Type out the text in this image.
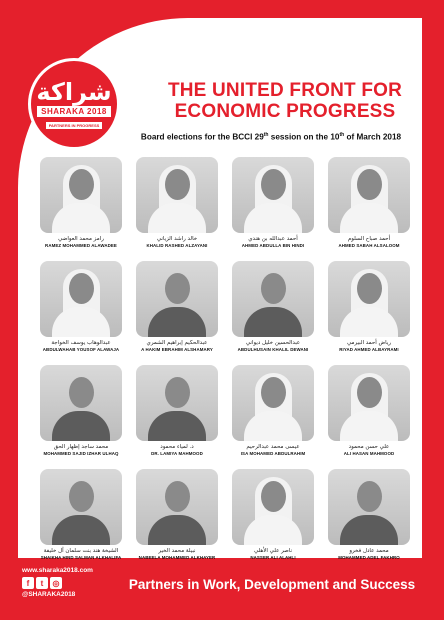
شراكة
SHARAKA 2018
PARTNERS IN PROGRESS
THE UNITED FRONT FOR
ECONOMIC PROGRESS
Board elections for the BCCI 29th session on the 10th of March 2018
رامز محمد العواضي
RAMEZ MOHAMMED ALAWADEE
خالد راشد الزياني
KHALID RASHED ALZAYANI
أحمد عبدالله بن هندي
AHMED ABDULLA BIN HINDI
أحمد صباح السلوم
AHMED SABAH ALSALOOM
عبدالوهاب يوسف الخواجة
ABDULWAHAB YOUSOF ALAWAJA
عبدالحكيم إبراهيم الشمري
A HAKIM EBRAHIM ALSHAMARY
عبدالحسين خليل ديواني
ABDULHUSAIN KHALIL DEWANI
رياض أحمد البيرمي
RIYAD AHMED ALBAYRAMI
محمد ساجد إظهار الحق
MOHAMMED SAJID IZHAR ULHAQ
د. لمياء محمود
DR. LAMIYA MAHMOOD
عيسى محمد عبدالرحيم
ISA MOHAMED ABDULRAHIM
علي حسن محمود
ALI HASAN MAHMOOD
الشيخة هند بنت سلمان آل خليفة
SHAIKHA HIND SALMAN ALKHALIFA
نبيلة محمد الخير
NABEELA MOHAMMED ALKHAYER
ناصر علي الأهلي
NASSER ALI ALAHLI
محمد عادل فخرو
MOHAMMED ADEL FAKHRO
www.sharaka2018.com
f	t	◎
@SHARAKA2018
Partners in Work, Development and Success
